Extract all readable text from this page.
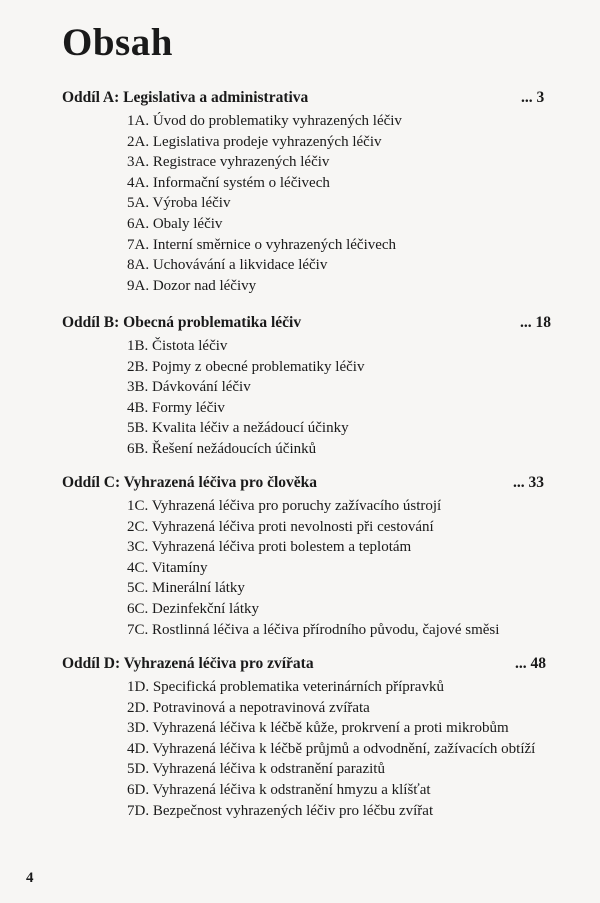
Obsah
Oddíl A: Legislativa a administrativa	... 3
1A. Úvod do problematiky vyhrazených léčiv
2A. Legislativa prodeje vyhrazených léčiv
3A. Registrace vyhrazených léčiv
4A. Informační systém o léčivech
5A. Výroba léčiv
6A. Obaly léčiv
7A. Interní směrnice o vyhrazených léčivech
8A. Uchovávání a likvidace léčiv
9A. Dozor nad léčivy
Oddíl B: Obecná problematika léčiv	... 18
1B. Čistota léčiv
2B. Pojmy z obecné problematiky léčiv
3B. Dávkování léčiv
4B. Formy léčiv
5B. Kvalita léčiv a nežádoucí účinky
6B. Řešení nežádoucích účinků
Oddíl C: Vyhrazená léčiva pro člověka	... 33
1C. Vyhrazená léčiva pro poruchy zažívacího ústrojí
2C. Vyhrazená léčiva proti nevolnosti při cestování
3C. Vyhrazená léčiva proti bolestem a teplotám
4C. Vitamíny
5C. Minerální látky
6C. Dezinfekční látky
7C. Rostlinná léčiva a léčiva přírodního původu, čajové směsi
Oddíl D: Vyhrazená léčiva pro zvířata	... 48
1D. Specifická problematika veterinárních přípravků
2D. Potravinová a nepotravinová zvířata
3D. Vyhrazená léčiva k léčbě kůže, prokrvení a proti mikrobům
4D. Vyhrazená léčiva k léčbě průjmů a odvodnění, zažívacích obtíží
5D. Vyhrazená léčiva k odstranění parazitů
6D. Vyhrazená léčiva k odstranění hmyzu a klíšťat
7D. Bezpečnost vyhrazených léčiv pro léčbu zvířat
4
